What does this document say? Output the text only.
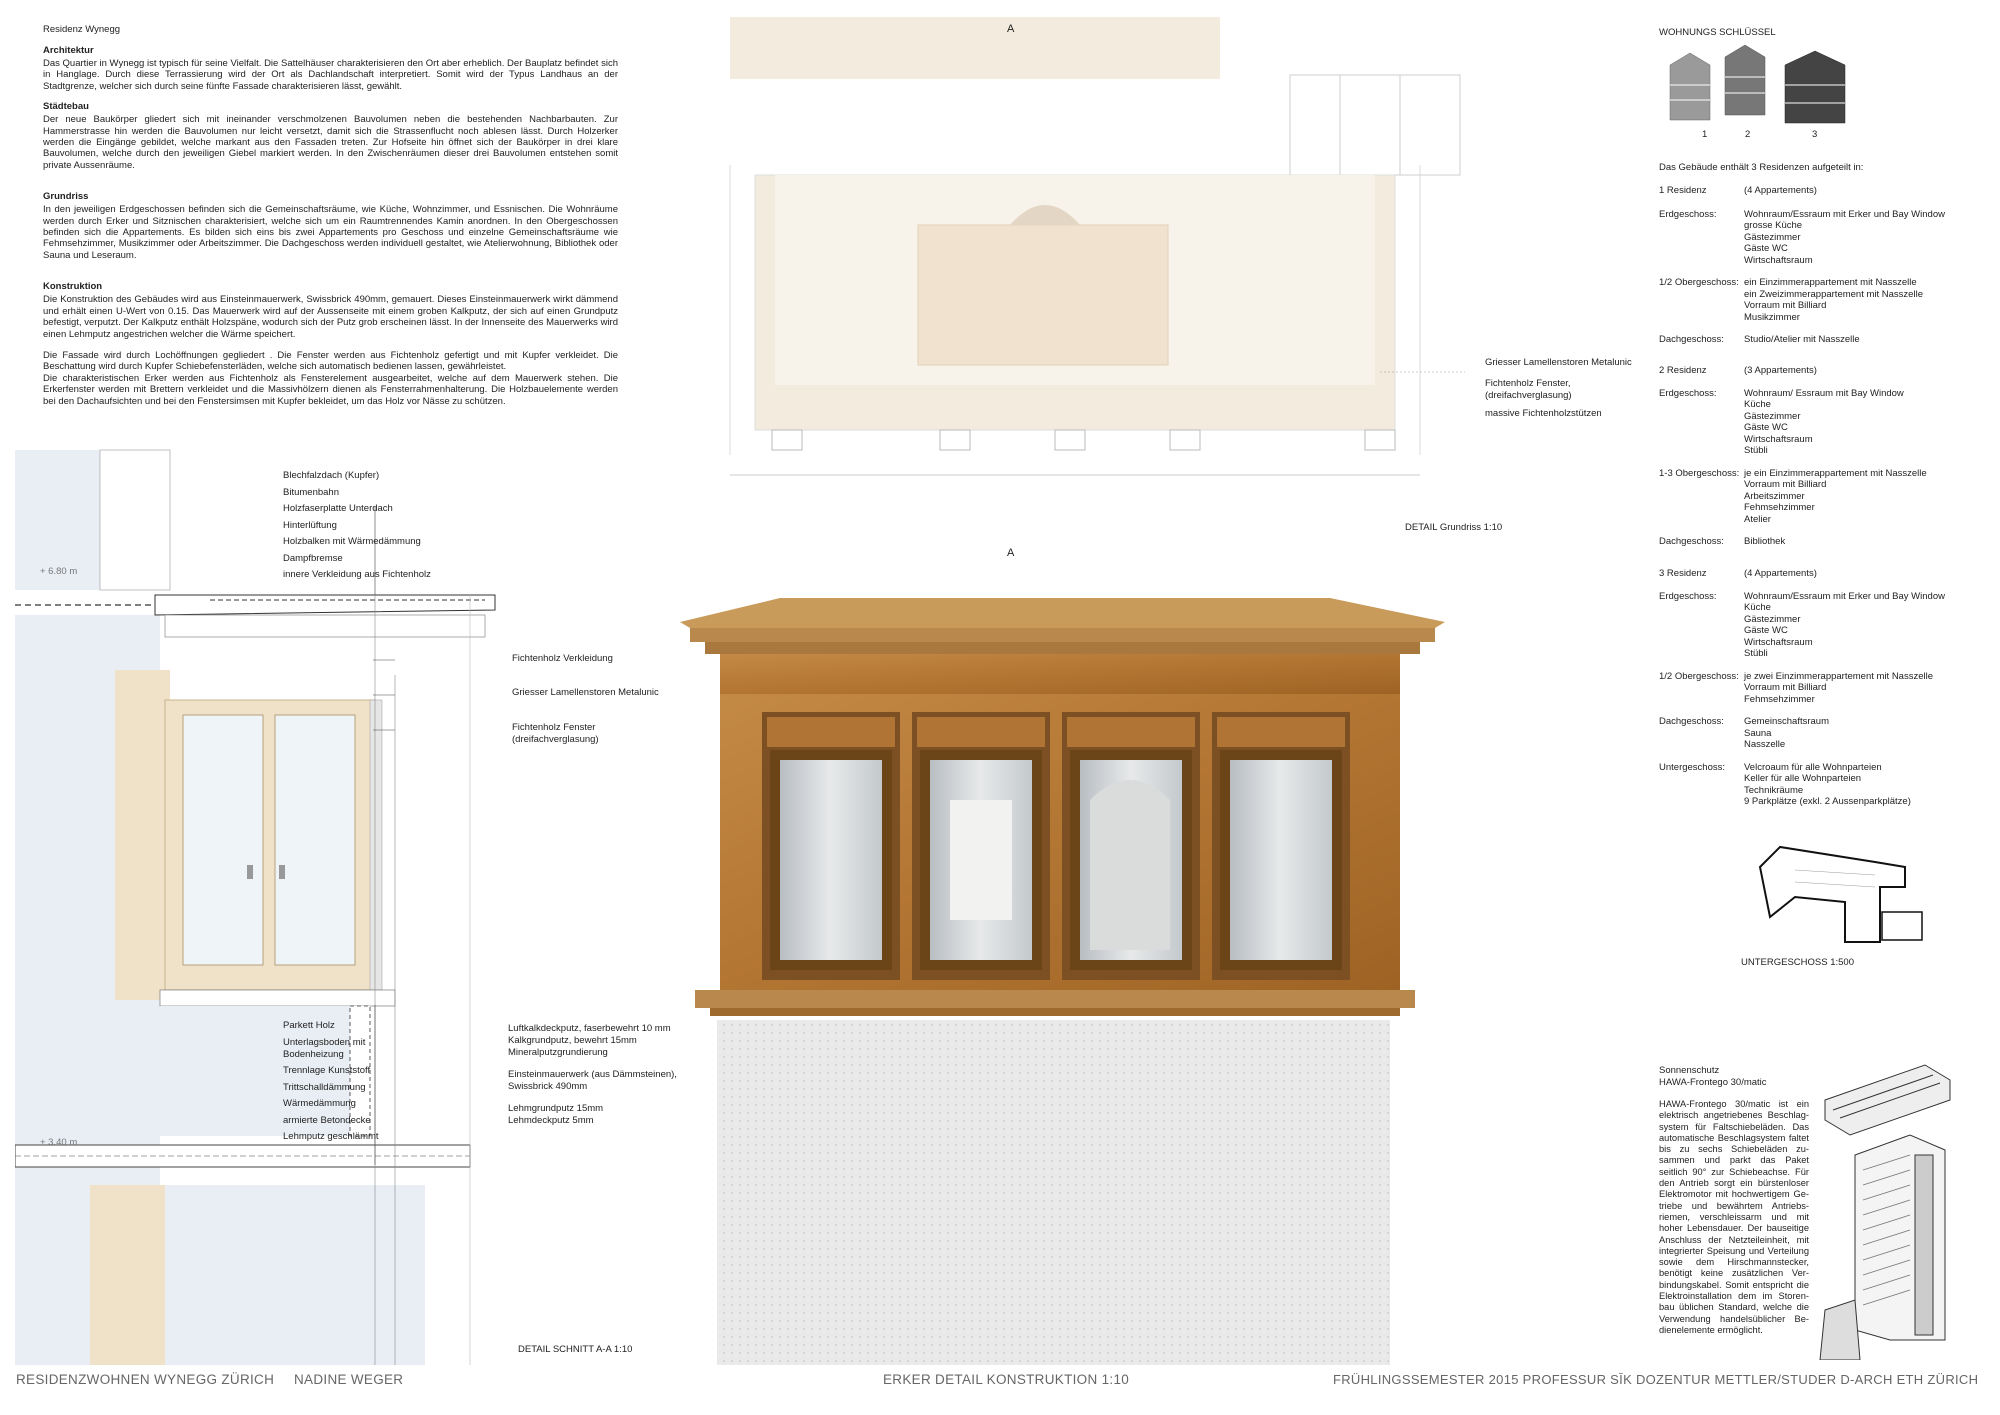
Residenz Wynegg
Architektur

Das Quartier in Wynegg ist typisch für seine Vielfalt. Die Sattelhäuser charakterisieren den Ort aber erheblich. Der Bauplatz befindet sich in Hanglage. Durch diese Terrassierung wird der Ort als Dachlandschaft interpretiert. Somit wird der Typus Landhaus an der Stadtgrenze, welcher sich durch seine fünfte Fassade charakterisieren lässt, gewählt.

Städtebau

Der neue Baukörper gliedert sich mit ineinander verschmolzenen Bauvolumen neben die bestehenden Nachbarbauten. Zur Hammerstrasse hin werden die Bauvolumen nur leicht versetzt, damit sich die Strassenflucht noch ablesen lässt. Durch Holzerker werden die Eingänge gebildet, welche markant aus den Fassaden treten. Zur Hofseite hin öffnet sich der Baukörper in drei klare Bauvolumen, welche durch den jeweiligen Giebel markiert werden. In den Zwischenräumen dieser drei Bauvolumen entstehen somit private Aussenräume.

Grundriss

In den jeweiligen Erdgeschossen befinden sich die Gemeinschaftsräume, wie Küche, Wohnzimmer, und Essnischen. Die Wohnräume werden durch Erker und Sitznischen charakterisiert, welche sich um ein Raumtrennendes Kamin anordnen. In den Obergeschossen befinden sich die Appartements. Es bilden sich eins bis zwei Appartements pro Geschoss und einzelne Gemeinschaftsräume wie Fehmsehzimmer, Musikzimmer oder Arbeitszimmer. Die Dachgeschoss werden individuell gestaltet, wie Atelierwohnung, Bibliothek oder Sauna und Leseraum.

Konstruktion

Die Konstruktion des Gebäudes wird aus Einsteinmauerwerk, Swissbrick 490mm, gemauert. Dieses Einsteinmauerwerk wirkt dämmend und erhält einen U-Wert von 0.15. Das Mauerwerk wird auf der Aussenseite mit einem groben Kalkputz, der sich auf einen Grundputz befestigt, verputzt. Der Kalkputz enthält Holzspäne, wodurch sich der Putz grob erscheinen lässt. In der Innenseite des Mauerwerks wird einen Lehmputz angestrichen welcher die Wärme speichert.

Die Fassade wird durch Lochöffnungen gegliedert . Die Fenster werden aus Fichtenholz gefertigt und mit Kupfer verkleidet. Die Beschattung wird durch Kupfer Schiebefensterläden, welche sich automatisch bedienen lassen, gewährleistet.

Die charakteristischen Erker werden aus Fichtenholz als Fensterelement ausgearbeitet, welche auf dem Mauerwerk stehen. Die Erkerfenster werden mit Brettern verkleidet und die Massivhölzern dienen als Fensterrahmenhalterung. Die Holzbauelemente werden bei den Dachaufsichten und bei den Fenstersimsen mit Kupfer bekleidet, um das Holz vor Nässe zu schützen.

+ 6.80 m
+ 3.40 m
Blechfalzdach (Kupfer)
Bitumenbahn
Holzfaserplatte Unterdach
Hinterlüftung
Holzbalken mit Wärmedämmung
Dampfbremse
innere Verkleidung aus Fichtenholz
Fichtenholz Verkleidung
Griesser Lamellenstoren Metalunic
Fichtenholz Fenster
(dreifachverglasung)
Parkett Holz
Unterlagsboden mit
Bodenheizung
Trennlage Kunststoff
Trittschalldämmung
Wärmedämmung
armierte Betondecke
Lehmputz geschlämmt
Luftkalkdeckputz, faserbewehrt 10 mm
Kalkgrundputz, bewehrt 15mm
Mineralputzgrundierung
Einsteinmauerwerk (aus Dämmsteinen),
Swissbrick 490mm
Lehmgrundputz 15mm
Lehmdeckputz 5mm
DETAIL SCHNITT A-A 1:10
A
A
Griesser Lamellenstoren Metalunic
Fichtenholz Fenster,
(dreifachverglasung)
massive Fichtenholzstützen
DETAIL Grundriss 1:10
WOHNUNGS SCHLÜSSEL
1	2	3
Das Gebäude enthält 3 Residenzen aufgeteilt in:
1 Residenz	(4 Appartements)
Erdgeschoss:	Wohnraum/Essraum mit Erker und Bay Window
grosse Küche
Gästezimmer
Gäste WC
Wirtschaftsraum
1/2 Obergeschoss: ein Einzimmerappartement mit Nasszelle
ein Zweizimmerappartement mit Nasszelle
Vorraum mit Billiard
Musikzimmer
Dachgeschoss:	Studio/Atelier mit Nasszelle
2 Residenz	(3 Appartements)
Erdgeschoss:	Wohnraum/ Essraum mit Bay Window
Küche
Gästezimmer
Gäste WC
Wirtschaftsraum
Stübli
1-3 Obergeschoss: je ein Einzimmerappartement mit Nasszelle
Vorraum mit Billiard
Arbeitszimmer
Fehmsehzimmer
Atelier
Dachgeschoss:	Bibliothek
3 Residenz	(4 Appartements)
Erdgeschoss:	Wohnraum/Essraum mit Erker und Bay Window
Küche
Gästezimmer
Gäste WC
Wirtschaftsraum
Stübli
1/2 Obergeschoss: je zwei Einzimmerappartement mit Nasszelle
Vorraum mit Billiard
Fehmsehzimmer
Dachgeschoss:	Gemeinschaftsraum
Sauna
Nasszelle
Untergeschoss:	Velcroaum für alle Wohnparteien
Keller für alle Wohnparteien
Technikräume
9 Parkplätze (exkl. 2 Aussenparkplätze)
UNTERGESCHOSS 1:500
Sonnenschutz
HAWA-Frontego 30/matic

HAWA-Frontego 30/matic ist ein elektrisch angetriebenes Beschlag-system für Faltschiebeläden. Das automatische Beschlagsystem faltet bis zu sechs Schiebeläden zu-sammen und parkt das Paket seitlich 90° zur Schiebeachse. Für den Antrieb sorgt ein bürstenloser Elektromotor mit hochwertigem Ge-triebe und bewährtem Antriebs-riemen, verschleissarm und mit hoher Lebensdauer. Der bauseitige Anschluss der Netzteileinheit, mit integrierter Speisung und Verteilung sowie dem Hirschmannstecker, benötigt keine zusätzlichen Ver-bindungskabel. Somit entspricht die Elektroinstallation dem im Storen-bau üblichen Standard, welche die Verwendung handelsüblicher Be-dienelemente ermöglicht.

RESIDENZWOHNEN WYNEGG ZÜRICH NADINE WEGER	ERKER DETAIL KONSTRUKTION 1:10	FRÜHLINGSSEMESTER 2015 PROFESSUR SĪK DOZENTUR METTLER/STUDER D-ARCH ETH ZÜRICH
